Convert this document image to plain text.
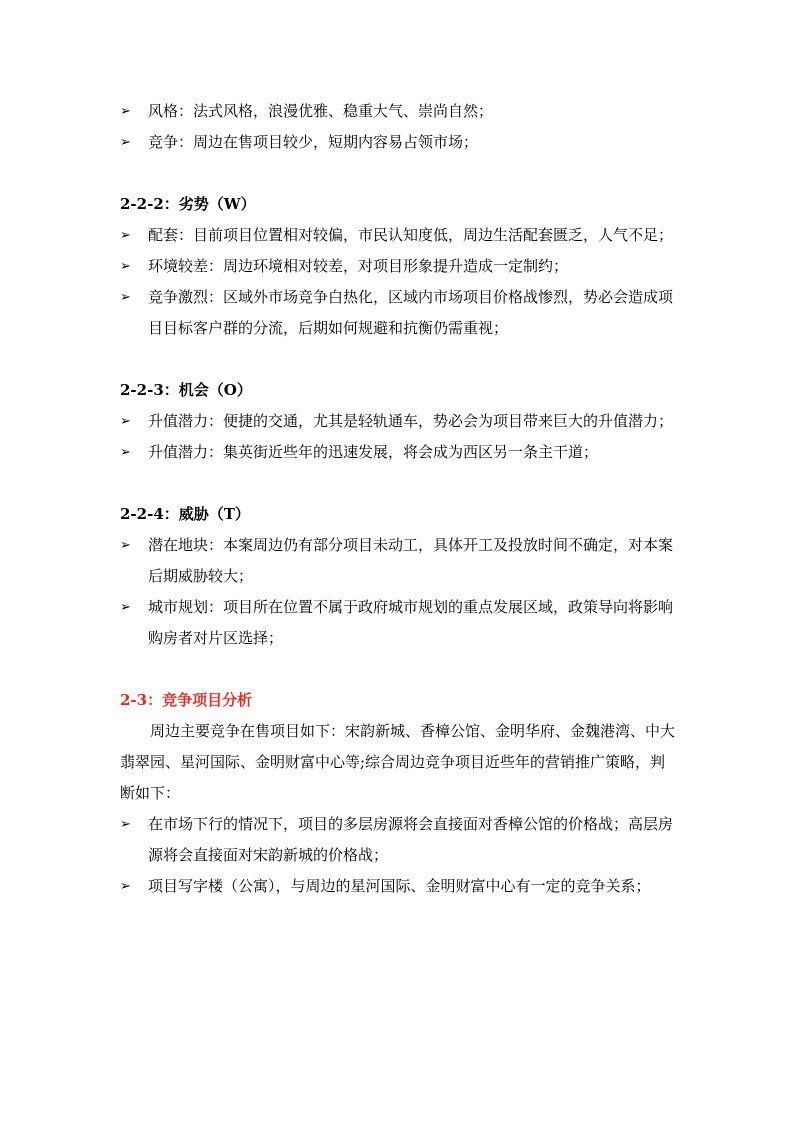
➢	风格：法式风格，浪漫优雅、稳重大气、崇尚自然；
➢	竞争：周边在售项目较少，短期内容易占领市场；
2-2-2：劣势（W）
➢	配套：目前项目位置相对较偏，市民认知度低，周边生活配套匮乏，人气不足；
➢	环境较差：周边环境相对较差，对项目形象提升造成一定制约；
➢	竞争激烈：区域外市场竞争白热化，区域内市场项目价格战惨烈，势必会造成项目目标客户群的分流，后期如何规避和抗衡仍需重视；
2-2-3：机会（O）
➢	升值潜力：便捷的交通，尤其是轻轨通车，势必会为项目带来巨大的升值潜力；
➢	升值潜力：集英街近些年的迅速发展，将会成为西区另一条主干道；
2-2-4：威胁（T）
➢	潜在地块：本案周边仍有部分项目未动工，具体开工及投放时间不确定，对本案后期威胁较大；
➢	城市规划：项目所在位置不属于政府城市规划的重点发展区域，政策导向将影响购房者对片区选择；
2-3：竞争项目分析
周边主要竞争在售项目如下：宋韵新城、香樟公馆、金明华府、金魏港湾、中大翡翠园、星河国际、金明财富中心等;综合周边竞争项目近些年的营销推广策略，判断如下：
➢	在市场下行的情况下，项目的多层房源将会直接面对香樟公馆的价格战；高层房源将会直接面对宋韵新城的价格战；
➢	项目写字楼（公寓），与周边的星河国际、金明财富中心有一定的竞争关系；
